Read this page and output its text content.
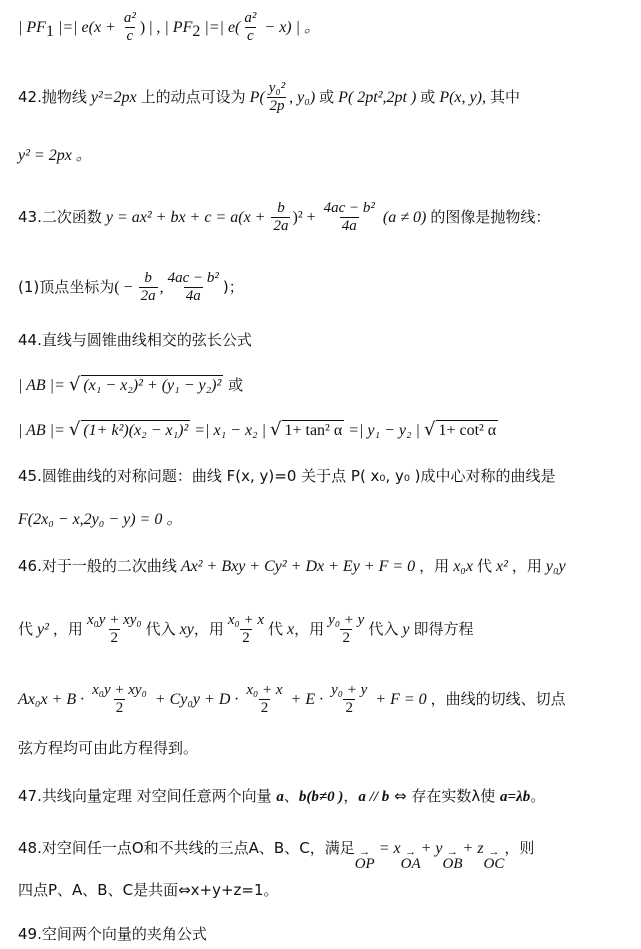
| $PF_1$ |=| $e(x + \frac{\text{a²}}{c}$ ) | , | $PF_2$ |=| $e( \frac{\text{a²}}{c} - x)$ | 。
42.抛物线 y²=2px 上的动点可设为 $P( \frac{\text{y₀²}}{2p}$ , y₀) 或 P( 2pt²,2pt ) 或 P(x, y), 其中
y² = 2px 。
43.二次函数 y = ax² + bx + $c = a(x + \frac{b}{2a} )^2 + \frac{\text{4ac − b²}}{4a} (a \ne 0)$ 的图像是抛物线：
(1)顶点坐标为( − $\frac{b}{2a}$ , $\frac{\text{4ac − b²}}{4a}$ )；
44.直线与圆锥曲线相交的弦长公式
| AB |= √ (x₁ − x₂)² + (y₁ − y₂)² 或
| AB |= √ (1+ k²)(x₂ − x₁)² =| x₁ − x₂ | √ 1+ tan² α =| y₁ − y₂ | √ 1+ cot² α
45.圆锥曲线的对称问题：曲线 F(x, y)=0 关于点 P( x₀, y₀ )成中心对称的曲线是
F(2x₀ − x,2y₀ − y) = 0 。
46.对于一般的二次曲线 Ax² + Bxy + Cy² + Dx + Ey + F = 0 ，用 x₀x 代 x² ，用 y₀y
代 y² ，用 $\frac{\text{x₀y + xy₀}}{2}$ 代入 xy，用 $\frac{\text{x₀ + x}}{2}$ 代 x，用 $\frac{\text{y₀ + y}}{2}$ 代入 y 即得方程
$Ax_0x + B \cdot \frac{\text{x₀y + xy₀}}{2} + Cy_0y + D \cdot \frac{\text{x₀ + x}}{2} + E \cdot \frac{\text{y₀ + y}}{2} + F = 0$ ，曲线的切线、切点
弦方程均可由此方程得到。
47.共线向量定理 对空间任意两个向量 a、b(b≠0 )，a // b ⇔ 存在实数λ使 a=λb。
48.对空间任一点O和不共线的三点A、B、C，满足 →
OP
= x →
OA
+ y →
OB
+ z →
OC
，则
四点P、A、B、C是共面⇔x+y+z=1。
49.空间两个向量的夹角公式
